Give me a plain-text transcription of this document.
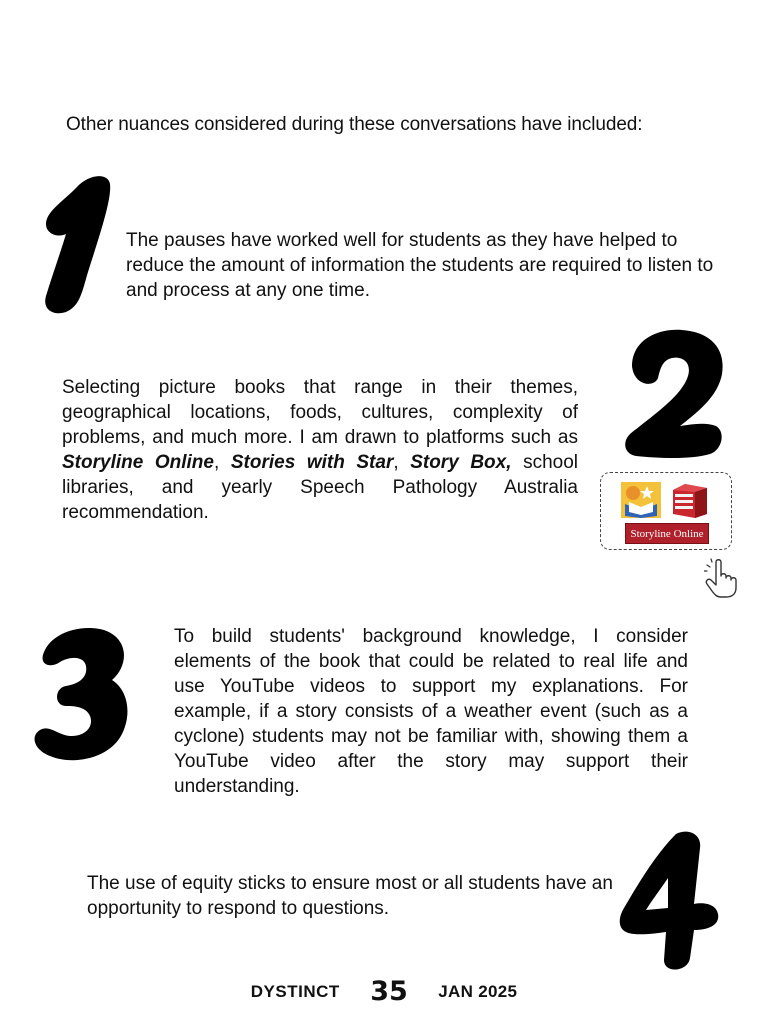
Other nuances considered during these conversations have included:
The pauses have worked well for students as they have helped to reduce the amount of information the students are required to listen to and process at any one time.
Selecting picture books that range in their themes, geographical locations, foods, cultures, complexity of problems, and much more. I am drawn to platforms such as Storyline Online, Stories with Star, Story Box, school libraries, and yearly Speech Pathology Australia recommendation.
Storyline Online
To build students' background knowledge, I consider elements of the book that could be related to real life and use YouTube videos to support my explanations. For example, if a story consists of a weather event (such as a cyclone) students may not be familiar with, showing them a YouTube video after the story may support their understanding.
The use of equity sticks to ensure most or all students have an opportunity to respond to questions.
DYSTINCT 35 JAN 2025
